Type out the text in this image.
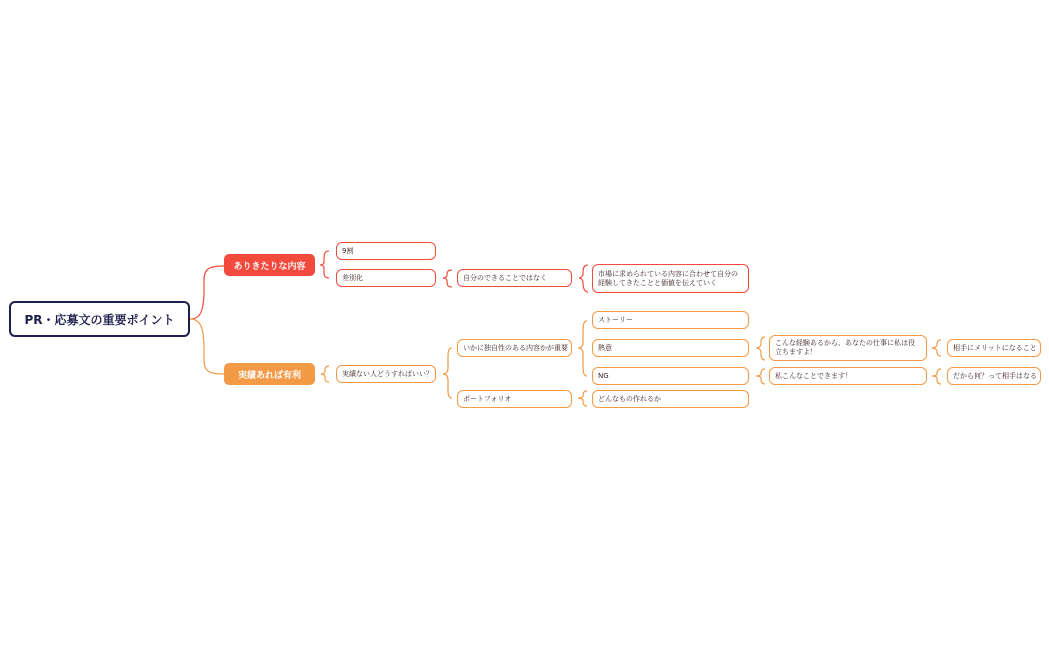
PR・応募文の重要ポイント
ありきたりな内容
実績あれば有利
9割
差別化	自分のできることではなく	市場に求められている内容に合わせて自分の経験してきたことと価値を伝えていく
実績ない人どうすればいい？
いかに独自性のある内容かが重要
ポートフォリオ
ストーリー
熱意
NG
どんなもの作れるか
こんな経験あるから、あなたの仕事に私は役立ちますよ！
私こんなことできます！
相手にメリットになること
だから何？って相手はなる
